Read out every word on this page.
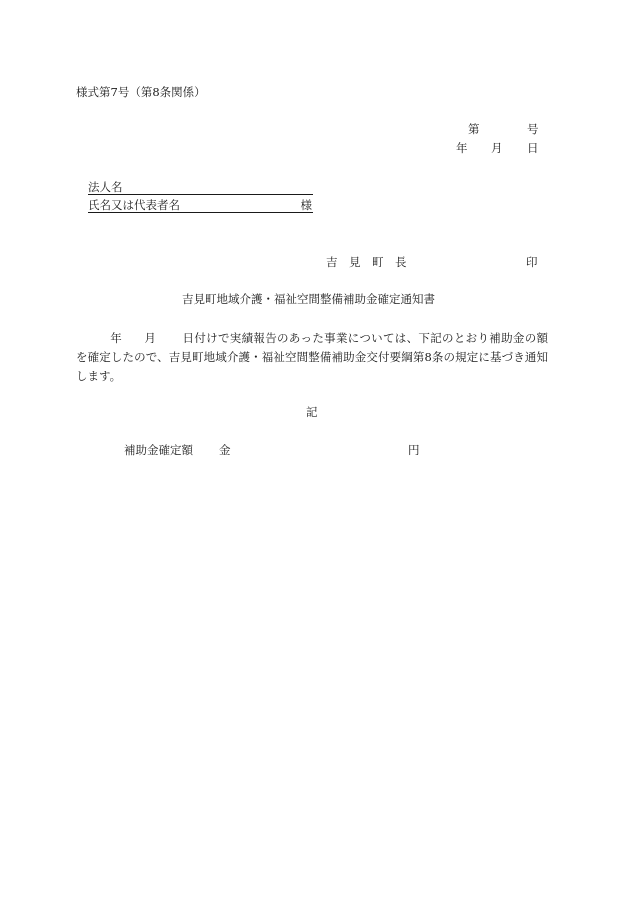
様式第7号（第8条関係）
第	号
年 月 日
法人名
氏名又は代表者名	様
吉　見　町　長	印
吉見町地域介護・福祉空間整備補助金確定通知書
年 月 日付けで実績報告のあった事業については、下記のとおり補助金の額を確定したので、吉見町地域介護・福祉空間整備補助金交付要綱第8条の規定に基づき通知します。
記
補助金確定額 金	円
